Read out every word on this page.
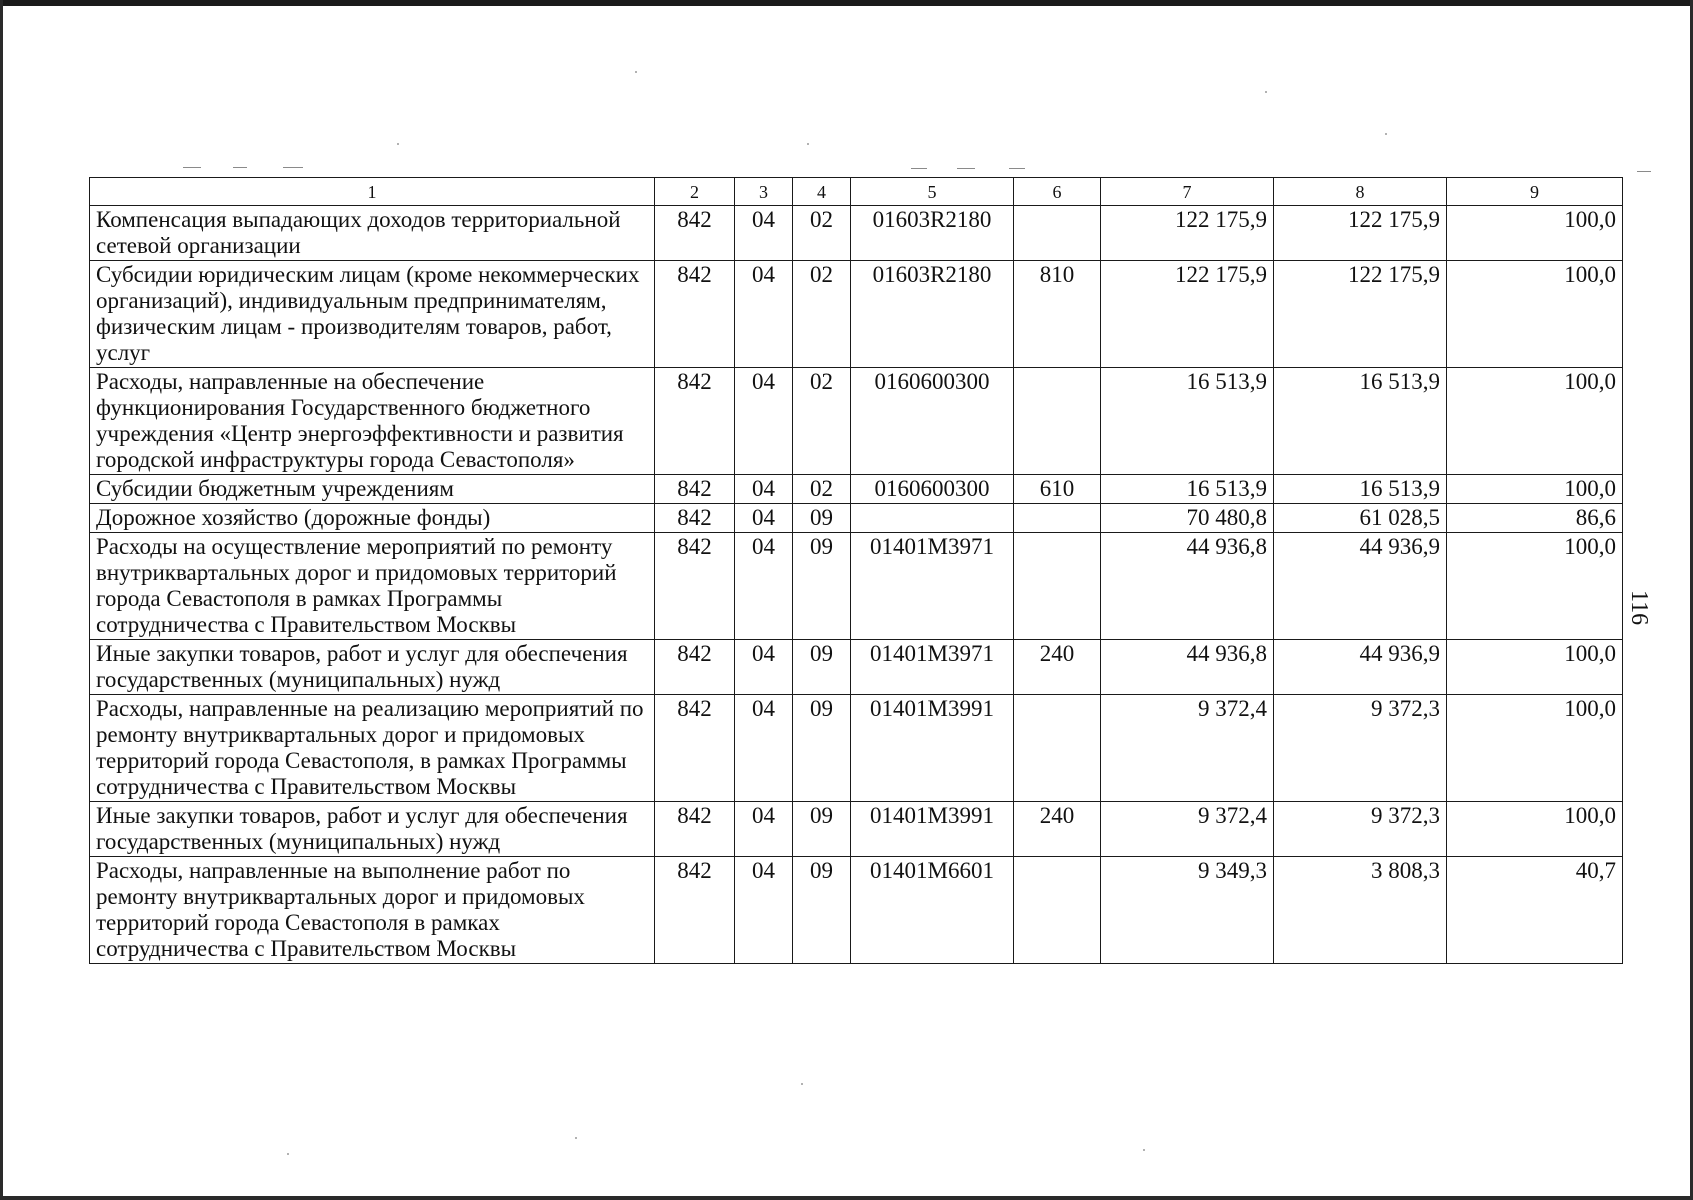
1	2	3	4	5	6	7	8	9
Компенсация выпадающих доходов территориальной сетевой организации	842	04	02	01603R2180		122 175,9	122 175,9	100,0
Субсидии юридическим лицам (кроме некоммерческих организаций), индивидуальным предпринимателям, физическим лицам - производителям товаров, работ, услуг	842	04	02	01603R2180	810	122 175,9	122 175,9	100,0
Расходы, направленные на обеспечение функционирования Государственного бюджетного учреждения «Центр энергоэффективности и развития городской инфраструктуры города Севастополя»	842	04	02	0160600300		16 513,9	16 513,9	100,0
Субсидии бюджетным учреждениям	842	04	02	0160600300	610	16 513,9	16 513,9	100,0
Дорожное хозяйство (дорожные фонды)	842	04	09			70 480,8	61 028,5	86,6
Расходы на осуществление мероприятий по ремонту внутриквартальных дорог и придомовых территорий города Севастополя в рамках Программы сотрудничества с Правительством Москвы	842	04	09	01401M3971		44 936,8	44 936,9	100,0
Иные закупки товаров, работ и услуг для обеспечения государственных (муниципальных) нужд	842	04	09	01401M3971	240	44 936,8	44 936,9	100,0
Расходы, направленные на реализацию мероприятий по ремонту внутриквартальных дорог и придомовых территорий города Севастополя, в рамках Программы сотрудничества с Правительством Москвы	842	04	09	01401M3991		9 372,4	9 372,3	100,0
Иные закупки товаров, работ и услуг для обеспечения государственных (муниципальных) нужд	842	04	09	01401M3991	240	9 372,4	9 372,3	100,0
Расходы, направленные на выполнение работ по ремонту внутриквартальных дорог и придомовых территорий города Севастополя в рамках сотрудничества с Правительством Москвы	842	04	09	01401M6601		9 349,3	3 808,3	40,7
116
